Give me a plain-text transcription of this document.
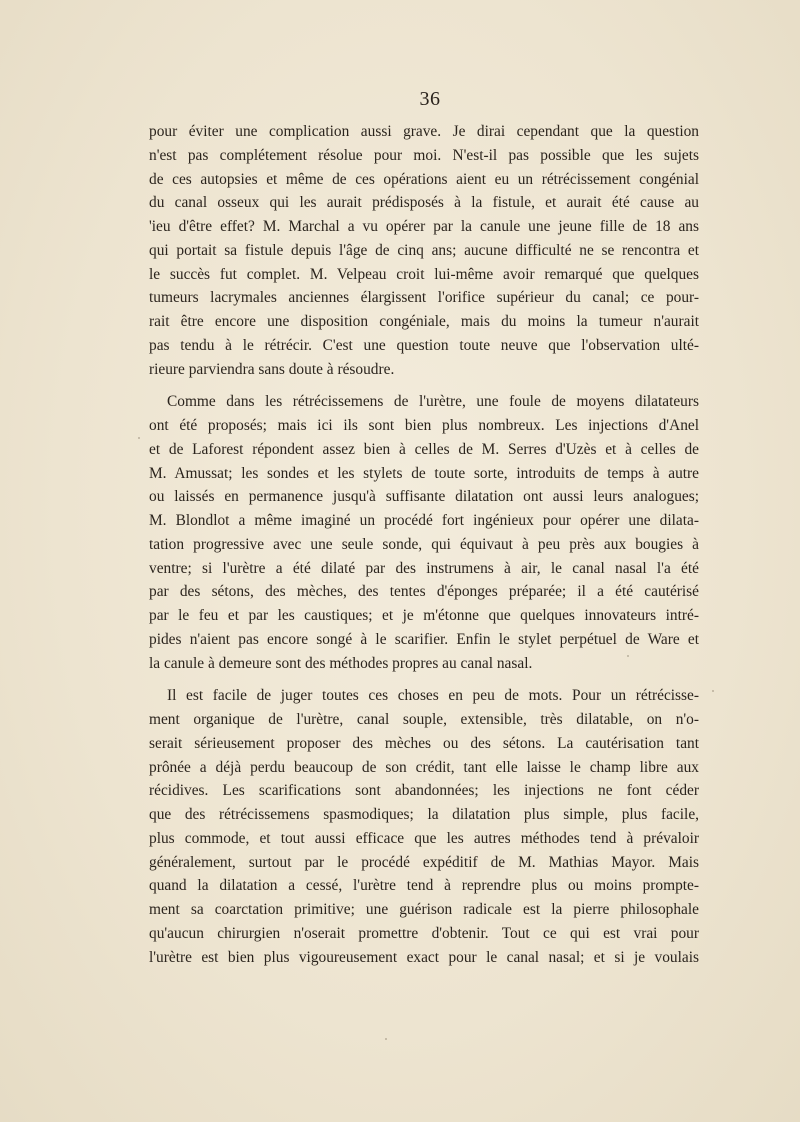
36
pour éviter une complication aussi grave. Je dirai cependant que la question
n'est pas complétement résolue pour moi. N'est-il pas possible que les sujets
de ces autopsies et même de ces opérations aient eu un rétrécissement congénial
du canal osseux qui les aurait prédisposés à la fistule, et aurait été cause au
'ieu d'être effet? M. Marchal a vu opérer par la canule une jeune fille de 18 ans
qui portait sa fistule depuis l'âge de cinq ans; aucune difficulté ne se rencontra et
le succès fut complet. M. Velpeau croit lui-même avoir remarqué que quelques
tumeurs lacrymales anciennes élargissent l'orifice supérieur du canal; ce pour-
rait être encore une disposition congéniale, mais du moins la tumeur n'aurait
pas tendu à le rétrécir. C'est une question toute neuve que l'observation ulté-
rieure parviendra sans doute à résoudre.
Comme dans les rétrécissemens de l'urètre, une foule de moyens dilatateurs
ont été proposés; mais ici ils sont bien plus nombreux. Les injections d'Anel
et de Laforest répondent assez bien à celles de M. Serres d'Uzès et à celles de
M. Amussat; les sondes et les stylets de toute sorte, introduits de temps à autre
ou laissés en permanence jusqu'à suffisante dilatation ont aussi leurs analogues;
M. Blondlot a même imaginé un procédé fort ingénieux pour opérer une dilata-
tation progressive avec une seule sonde, qui équivaut à peu près aux bougies à
ventre; si l'urètre a été dilaté par des instrumens à air, le canal nasal l'a été
par des sétons, des mèches, des tentes d'éponges préparée; il a été cautérisé
par le feu et par les caustiques; et je m'étonne que quelques innovateurs intré-
pides n'aient pas encore songé à le scarifier. Enfin le stylet perpétuel de Ware et
la canule à demeure sont des méthodes propres au canal nasal.
Il est facile de juger toutes ces choses en peu de mots. Pour un rétrécisse-
ment organique de l'urètre, canal souple, extensible, très dilatable, on n'o-
serait sérieusement proposer des mèches ou des sétons. La cautérisation tant
prônée a déjà perdu beaucoup de son crédit, tant elle laisse le champ libre aux
récidives. Les scarifications sont abandonnées; les injections ne font céder
que des rétrécissemens spasmodiques; la dilatation plus simple, plus facile,
plus commode, et tout aussi efficace que les autres méthodes tend à prévaloir
généralement, surtout par le procédé expéditif de M. Mathias Mayor. Mais
quand la dilatation a cessé, l'urètre tend à reprendre plus ou moins prompte-
ment sa coarctation primitive; une guérison radicale est la pierre philosophale
qu'aucun chirurgien n'oserait promettre d'obtenir. Tout ce qui est vrai pour
l'urètre est bien plus vigoureusement exact pour le canal nasal; et si je voulais
